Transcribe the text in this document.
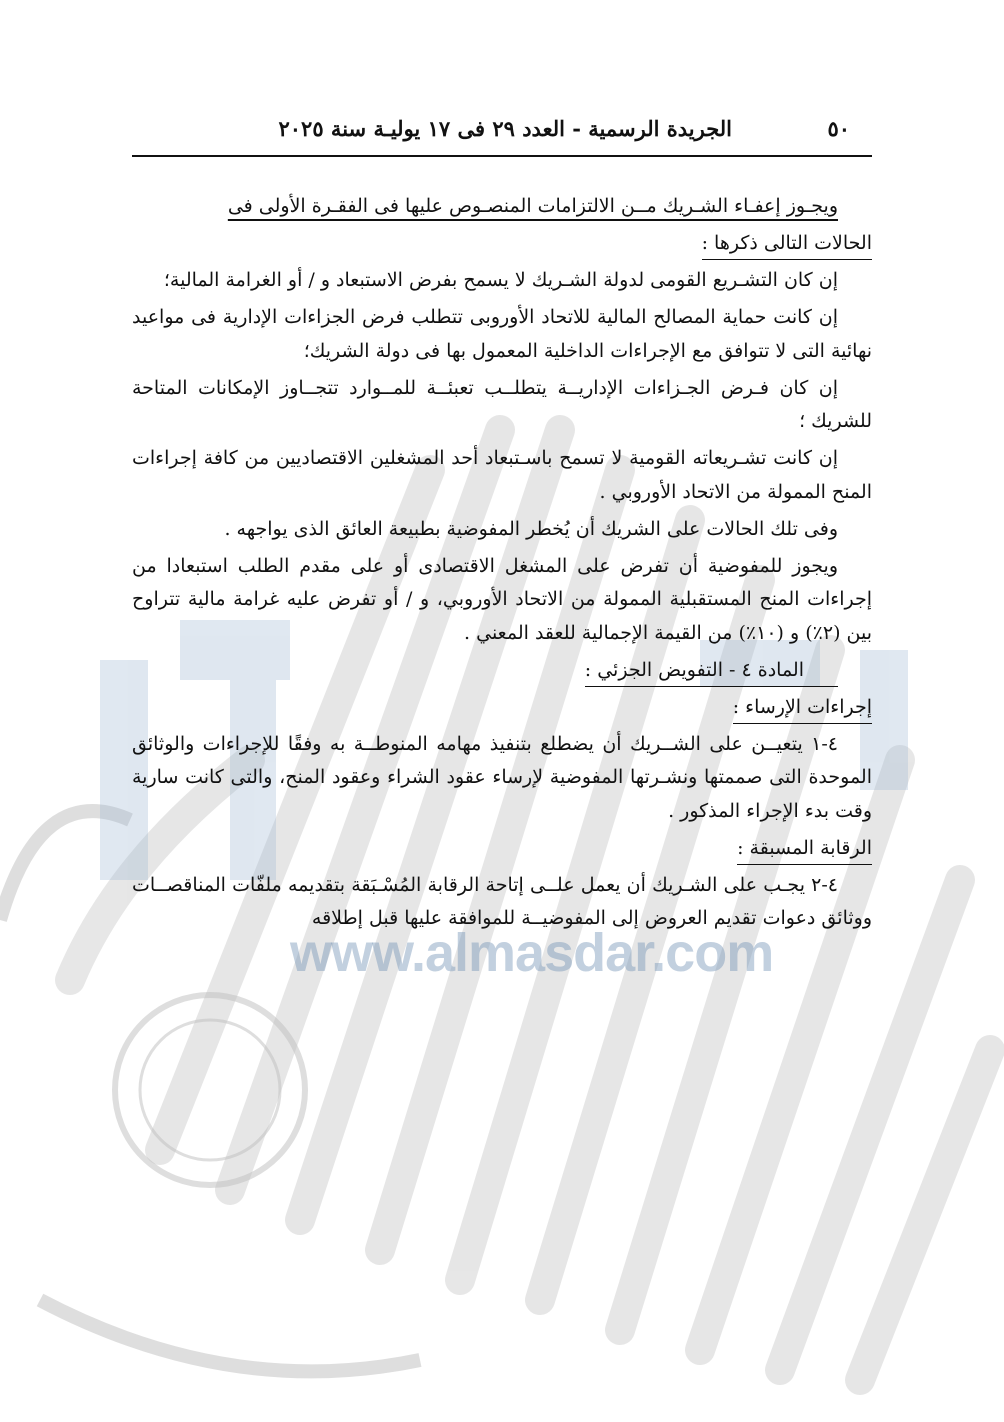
www.almasdar.com
٥٠
الجريدة الرسمية - العدد ٢٩ فى ١٧ يوليـة سنة ٢٠٢٥

ويجـوز إعفـاء الشـريك مــن الالتزامات المنصـوص عليها فى الفقـرة الأولى فى

الحالات التالى ذكرها :

إن كان التشـريع القومى لدولة الشـريك لا يسمح بفرض الاستبعاد و / أو الغرامة المالية؛

إن كانت حماية المصالح المالية للاتحاد الأوروبى تتطلب فرض الجزاءات الإدارية فى مواعيد نهائية التى لا تتوافق مع الإجراءات الداخلية المعمول بها فى دولة الشريك؛

إن كان فـرض الجـزاءات الإداريــة يتطلــب تعبئــة للمــوارد تتجــاوز الإمكانات المتاحة للشريك ؛

إن كانت تشـريعاته القومية لا تسمح باسـتبعاد أحد المشغلين الاقتصاديين من كافة إجراءات المنح الممولة من الاتحاد الأوروبي .

وفى تلك الحالات على الشريك أن يُخطر المفوضية بطبيعة العائق الذى يواجهه .

ويجوز للمفوضية أن تفرض على المشغل الاقتصادى أو على مقدم الطلب استبعادا من إجراءات المنح المستقبلية الممولة من الاتحاد الأوروبي، و / أو تفرض عليه غرامة مالية تتراوح بين (٢٪) و (١٠٪) من القيمة الإجمالية للعقد المعني .

المادة ٤ - التفويض الجزئي :

إجراءات الإرساء :

٤-١ يتعيــن على الشــريك أن يضطلع بتنفيذ مهامه المنوطــة به وفقًا للإجراءات والوثائق الموحدة التى صممتها ونشـرتها المفوضية لإرساء عقود الشراء وعقود المنح، والتى كانت سارية وقت بدء الإجراء المذكور .

الرقابة المسبقة :

٤-٢ يجـب على الشـريك أن يعمل علــى إتاحة الرقابة المُسْـبَقة بتقديمه ملفّات المناقصــات ووثائق دعوات تقديم العروض إلى المفوضيــة للموافقة عليها قبل إطلاقه
